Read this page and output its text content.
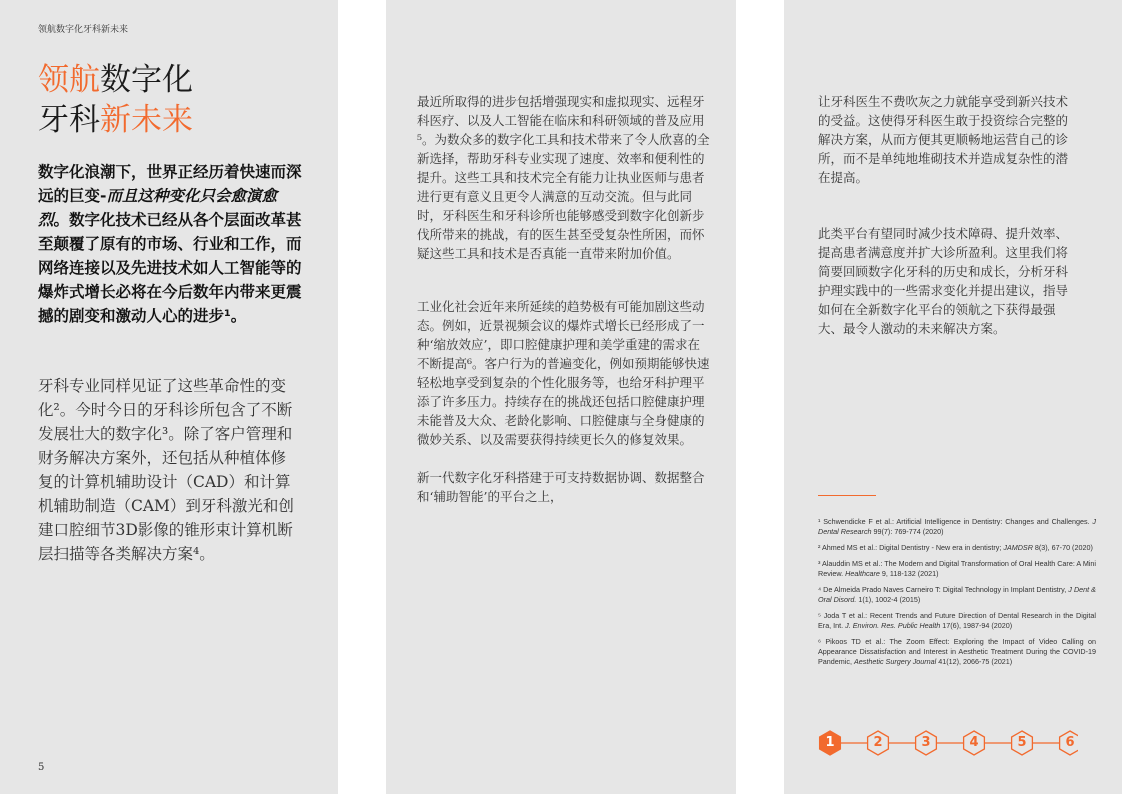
领航数字化牙科新未来
领航数字化
牙科新未来

数字化浪潮下，世界正经历着快速而深远的巨变-而且这种变化只会愈演愈烈。数字化技术已经从各个层面改革甚至颠覆了原有的市场、行业和工作，而网络连接以及先进技术如人工智能等的爆炸式增长必将在今后数年内带来更震撼的剧变和激动人心的进步¹。

牙科专业同样见证了这些革命性的变化²。今时今日的牙科诊所包含了不断发展壮大的数字化³。除了客户管理和财务解决方案外，还包括从种植体修复的计算机辅助设计（CAD）和计算机辅助制造（CAM）到牙科激光和创建口腔细节3D影像的锥形束计算机断层扫描等各类解决方案⁴。

5

最近所取得的进步包括增强现实和虚拟现实、远程牙科医疗、以及人工智能在临床和科研领域的普及应用⁵。为数众多的数字化工具和技术带来了令人欣喜的全新选择，帮助牙科专业实现了速度、效率和便利性的提升。这些工具和技术完全有能力让执业医师与患者进行更有意义且更令人满意的互动交流。但与此同时，牙科医生和牙科诊所也能够感受到数字化创新步伐所带来的挑战，有的医生甚至受复杂性所困，而怀疑这些工具和技术是否真能一直带来附加价值。

工业化社会近年来所延续的趋势极有可能加剧这些动态。例如，近景视频会议的爆炸式增长已经形成了一种‘缩放效应’，即口腔健康护理和美学重建的需求在不断提高⁶。客户行为的普遍变化，例如预期能够快速轻松地享受到复杂的个性化服务等，也给牙科护理平添了许多压力。持续存在的挑战还包括口腔健康护理未能普及大众、老龄化影响、口腔健康与全身健康的微妙关系、以及需要获得持续更长久的修复效果。

新一代数字化牙科搭建于可支持数据协调、数据整合和‘辅助智能’的平台之上，

让牙科医生不费吹灰之力就能享受到新兴技术的受益。这使得牙科医生敢于投资综合完整的解决方案，从而方便其更顺畅地运营自己的诊所，而不是单纯地堆砌技术并造成复杂性的潜在提高。

此类平台有望同时减少技术障碍、提升效率、提高患者满意度并扩大诊所盈利。这里我们将简要回顾数字化牙科的历史和成长，分析牙科护理实践中的一些需求变化并提出建议，指导如何在全新数字化平台的领航之下获得最强大、最令人激动的未来解决方案。

¹ Schwendicke F et al.: Artificial Intelligence in Dentistry: Changes and Challenges. J Dental Research 99(7): 769-774 (2020)

² Ahmed MS et al.: Digital Dentistry - New era in dentistry; JAMDSR 8(3), 67-70 (2020)

³ Alauddin MS et al.: The Modern and Digital Transformation of Oral Health Care: A Mini Review. Healthcare 9, 118-132 (2021)

⁴ De Almeida Prado Naves Carneiro T: Digital Technology in Implant Dentistry, J Dent & Oral Disord. 1(1), 1002-4 (2015)

⁵ Joda T et al.: Recent Trends and Future Direction of Dental Research in the Digital Era, Int. J. Environ. Res. Public Health 17(6), 1987-94 (2020)

⁶ Pikoos TD et al.: The Zoom Effect: Exploring the Impact of Video Calling on Appearance Dissatisfaction and Interest in Aesthetic Treatment During the COVID-19 Pandemic, Aesthetic Surgery Journal 41(12), 2066-75 (2021)

1	2	3	4	5	6
